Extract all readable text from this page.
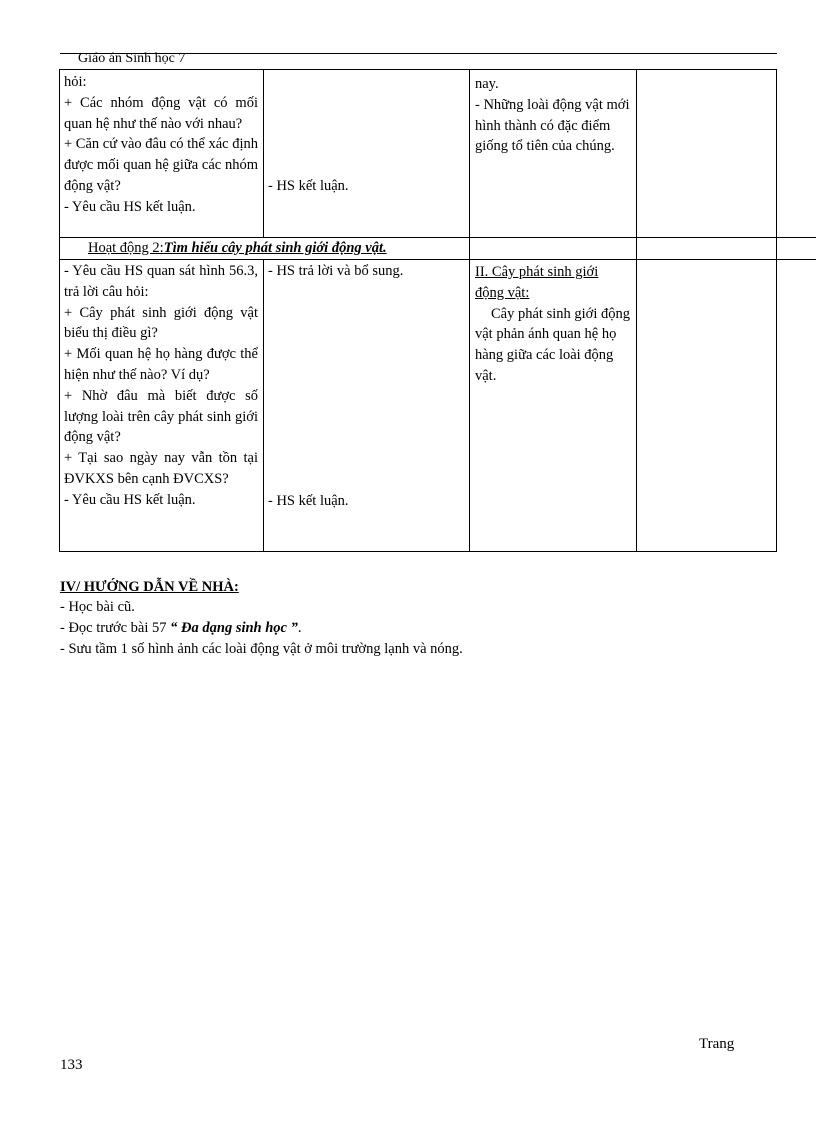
Giáo án Sinh học 7

hỏi:

+ Các nhóm động vật có mối quan hệ như thế nào với nhau?

+ Căn cứ vào đâu có thể xác định được mối quan hệ giữa các nhóm động vật?

- Yêu cầu HS kết luận.

- HS kết luận.

nay.

- Những loài động vật mới hình thành có đặc điểm giống tổ tiên của chúng.

Hoạt động 2:Tìm hiểu cây phát sinh giới động vật.

- Yêu cầu HS quan sát hình 56.3, trả lời câu hỏi:

+ Cây phát sinh giới động vật biểu thị điều gì?

+ Mối quan hệ họ hàng được thể hiện như thế nào? Ví dụ?

+ Nhờ đâu mà biết được số lượng loài trên cây phát sinh giới động vật?

+ Tại sao ngày nay vẫn tồn tại ĐVKXS bên cạnh ĐVCXS?

- Yêu cầu HS kết luận.

- HS trả lời và bổ sung.
- HS kết luận.

II. Cây phát sinh giới động vật:

Cây phát sinh giới động vật phản ánh quan hệ họ hàng giữa các loài động vật.

IV/ HƯỚNG DẪN VỀ NHÀ:
- Học bài cũ.
- Đọc trước bài 57 “ Đa dạng sinh học ”.
- Sưu tầm 1 số hình ảnh các loài động vật ở môi trường lạnh và nóng.
Trang
133
